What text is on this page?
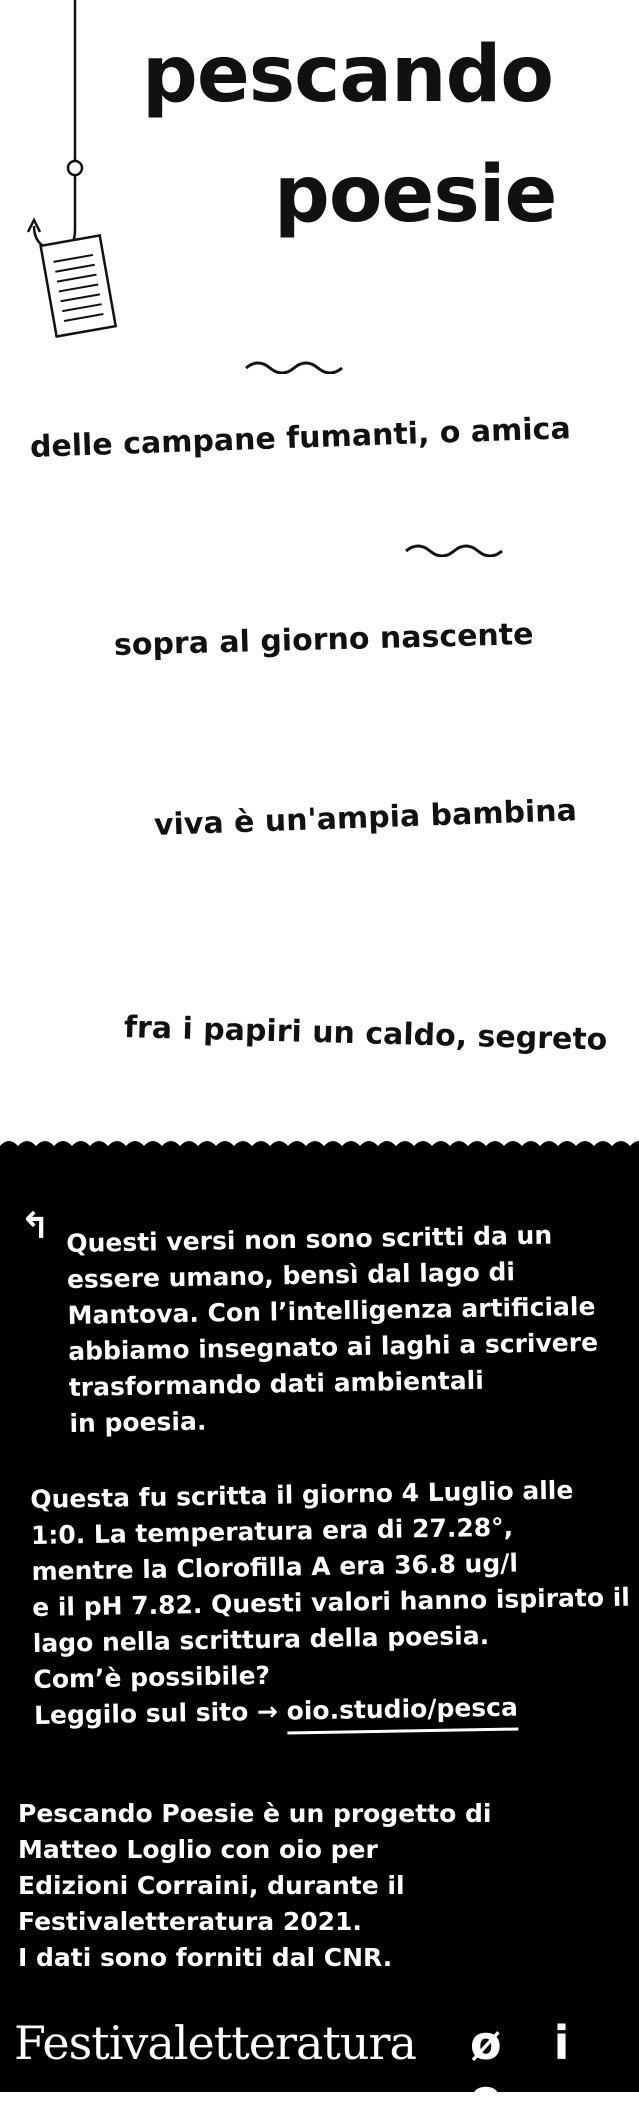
pescando
poesie
delle campane fumanti, o amica
sopra al giorno nascente
viva è un'ampia bambina
fra i papiri un caldo, segreto
↰ Questi versi non sono scritti da un
essere umano, bensì dal lago di
Mantova. Con l’intelligenza artificiale
abbiamo insegnato ai laghi a scrivere
trasformando dati ambientali
in poesia.
Questa fu scritta il giorno 4 Luglio alle
1:0. La temperatura era di 27.28°,
mentre la Clorofilla A era 36.8 ug/l
e il pH 7.82. Questi valori hanno ispirato il
lago nella scrittura della poesia.
Com’è possibile?
Leggilo sul sito → oio.studio/pesca
Pescando Poesie è un progetto di
Matteo Loglio con oio per
Edizioni Corraini, durante il
Festivaletteratura 2021.
I dati sono forniti dal CNR.
Festivaletteratura ø i o
